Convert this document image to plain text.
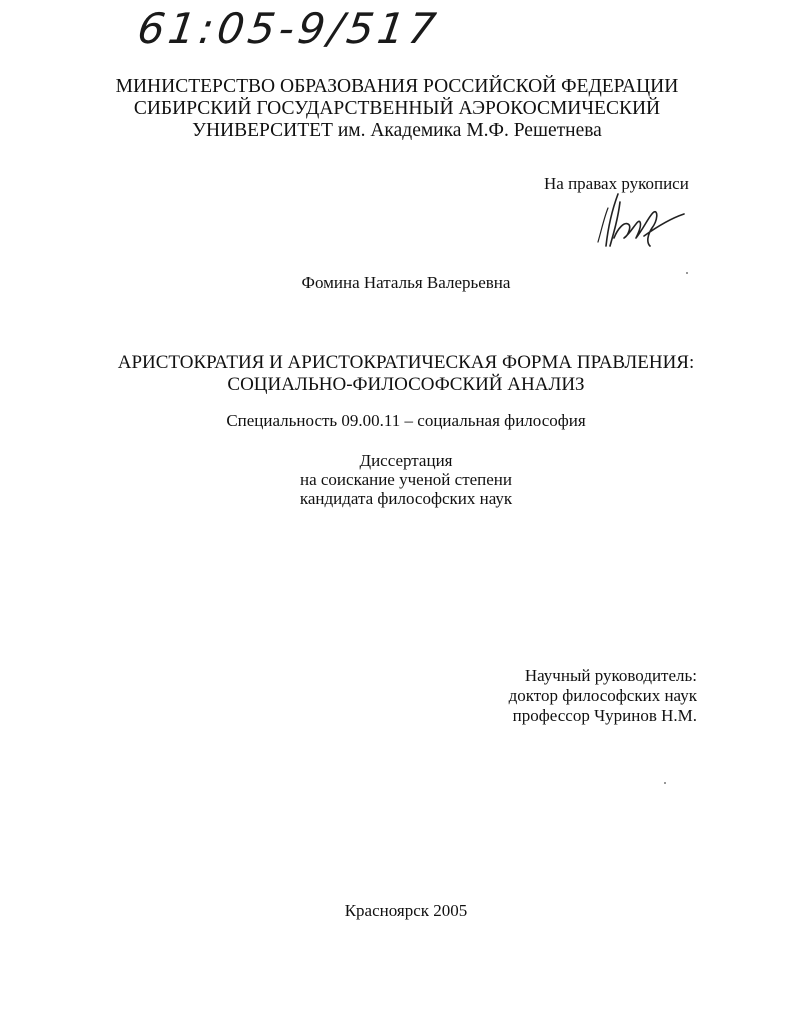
61:05-9/517
МИНИСТЕРСТВО ОБРАЗОВАНИЯ РОССИЙСКОЙ ФЕДЕРАЦИИ
СИБИРСКИЙ ГОСУДАРСТВЕННЫЙ АЭРОКОСМИЧЕСКИЙ
УНИВЕРСИТЕТ им. Академика М.Ф. Решетнева
На правах рукописи
Фомина Наталья Валерьевна
АРИСТОКРАТИЯ И АРИСТОКРАТИЧЕСКАЯ ФОРМА ПРАВЛЕНИЯ:
СОЦИАЛЬНО-ФИЛОСОФСКИЙ АНАЛИЗ
Специальность 09.00.11 – социальная философия
Диссертация
на соискание ученой степени
кандидата философских наук
Научный руководитель:
доктор философских наук
профессор Чуринов Н.М.
Красноярск 2005
